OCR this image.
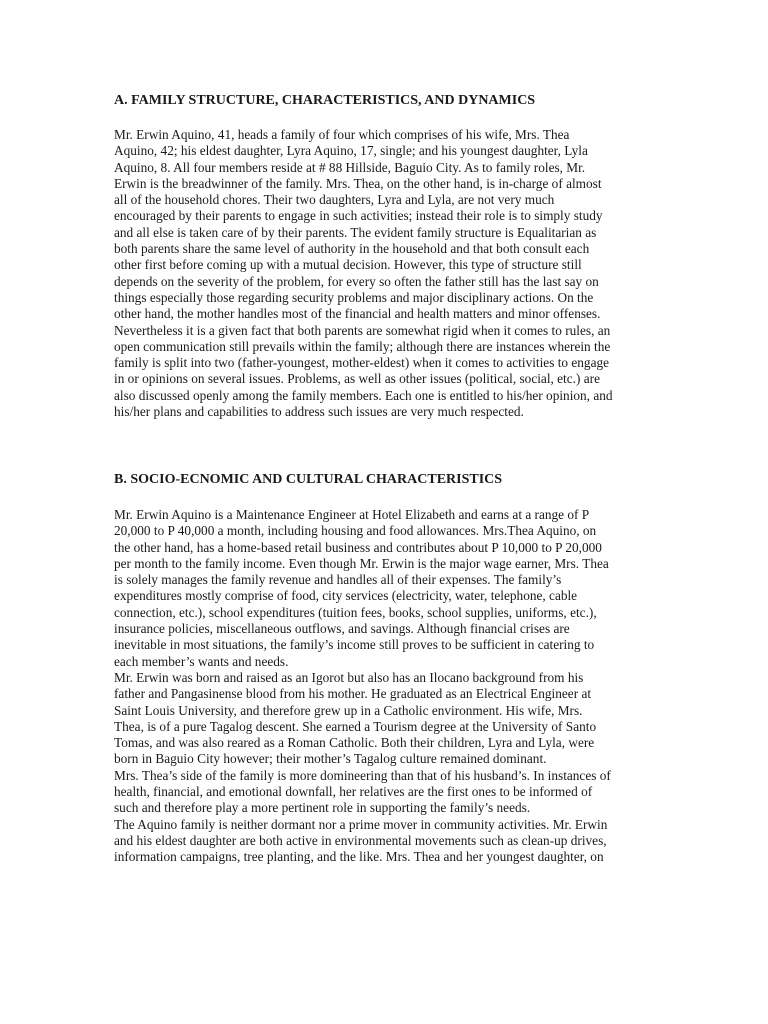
A. FAMILY STRUCTURE, CHARACTERISTICS, AND DYNAMICS
Mr. Erwin Aquino, 41, heads a family of four which comprises of his wife, Mrs. Thea
Aquino, 42; his eldest daughter, Lyra Aquino, 17, single; and his youngest daughter, Lyla
Aquino, 8. All four members reside at # 88 Hillside, Baguio City. As to family roles, Mr.
Erwin is the breadwinner of the family. Mrs. Thea, on the other hand, is in-charge of almost
all of the household chores. Their two daughters, Lyra and Lyla, are not very much
encouraged by their parents to engage in such activities; instead their role is to simply study
and all else is taken care of by their parents. The evident family structure is Equalitarian as
both parents share the same level of authority in the household and that both consult each
other first before coming up with a mutual decision. However, this type of structure still
depends on the severity of the problem, for every so often the father still has the last say on
things especially those regarding security problems and major disciplinary actions. On the
other hand, the mother handles most of the financial and health matters and minor offenses.
Nevertheless it is a given fact that both parents are somewhat rigid when it comes to rules, an
open communication still prevails within the family; although there are instances wherein the
family is split into two (father-youngest, mother-eldest) when it comes to activities to engage
in or opinions on several issues. Problems, as well as other issues (political, social, etc.) are
also discussed openly among the family members. Each one is entitled to his/her opinion, and
his/her plans and capabilities to address such issues are very much respected.
B. SOCIO-ECNOMIC AND CULTURAL CHARACTERISTICS
Mr. Erwin Aquino is a Maintenance Engineer at Hotel Elizabeth and earns at a range of P
20,000 to P 40,000 a month, including housing and food allowances. Mrs.Thea Aquino, on
the other hand, has a home-based retail business and contributes about P 10,000 to P 20,000
per month to the family income. Even though Mr. Erwin is the major wage earner, Mrs. Thea
is solely manages the family revenue and handles all of their expenses. The family’s
expenditures mostly comprise of food, city services (electricity, water, telephone, cable
connection, etc.), school expenditures (tuition fees, books, school supplies, uniforms, etc.),
insurance policies, miscellaneous outflows, and savings. Although financial crises are
inevitable in most situations, the family’s income still proves to be sufficient in catering to
each member’s wants and needs.
Mr. Erwin was born and raised as an Igorot but also has an Ilocano background from his
father and Pangasinense blood from his mother. He graduated as an Electrical Engineer at
Saint Louis University, and therefore grew up in a Catholic environment. His wife, Mrs.
Thea, is of a pure Tagalog descent. She earned a Tourism degree at the University of Santo
Tomas, and was also reared as a Roman Catholic. Both their children, Lyra and Lyla, were
born in Baguio City however; their mother’s Tagalog culture remained dominant.
Mrs. Thea’s side of the family is more domineering than that of his husband’s. In instances of
health, financial, and emotional downfall, her relatives are the first ones to be informed of
such and therefore play a more pertinent role in supporting the family’s needs.
The Aquino family is neither dormant nor a prime mover in community activities. Mr. Erwin
and his eldest daughter are both active in environmental movements such as clean-up drives,
information campaigns, tree planting, and the like. Mrs. Thea and her youngest daughter, on
